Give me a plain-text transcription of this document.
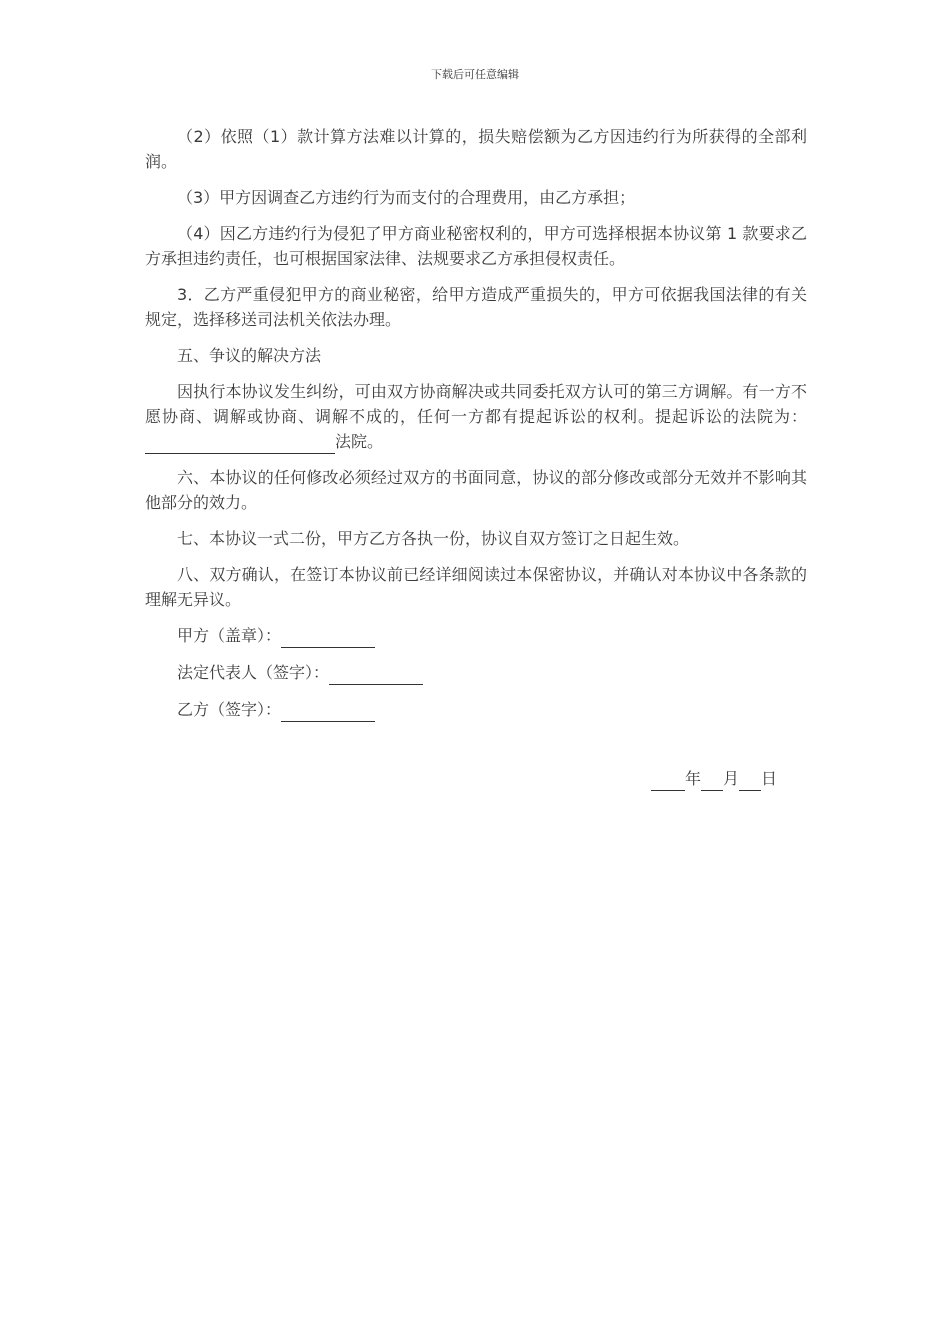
下载后可任意编辑

（2）依照（1）款计算方法难以计算的，损失赔偿额为乙方因违约行为所获得的全部利润。

（3）甲方因调查乙方违约行为而支付的合理费用，由乙方承担；

（4）因乙方违约行为侵犯了甲方商业秘密权利的，甲方可选择根据本协议第 1 款要求乙方承担违约责任，也可根据国家法律、法规要求乙方承担侵权责任。

3．乙方严重侵犯甲方的商业秘密，给甲方造成严重损失的，甲方可依据我国法律的有关规定，选择移送司法机关依法办理。

五、争议的解决方法

因执行本协议发生纠纷，可由双方协商解决或共同委托双方认可的第三方调解。有一方不愿协商、调解或协商、调解不成的，任何一方都有提起诉讼的权利。提起诉讼的法院为：法院。

六、本协议的任何修改必须经过双方的书面同意，协议的部分修改或部分无效并不影响其他部分的效力。

七、本协议一式二份，甲方乙方各执一份，协议自双方签订之日起生效。

八、双方确认，在签订本协议前已经详细阅读过本保密协议，并确认对本协议中各条款的理解无异议。

甲方（盖章）：

法定代表人（签字）：

乙方（签字）：

年 月 日
